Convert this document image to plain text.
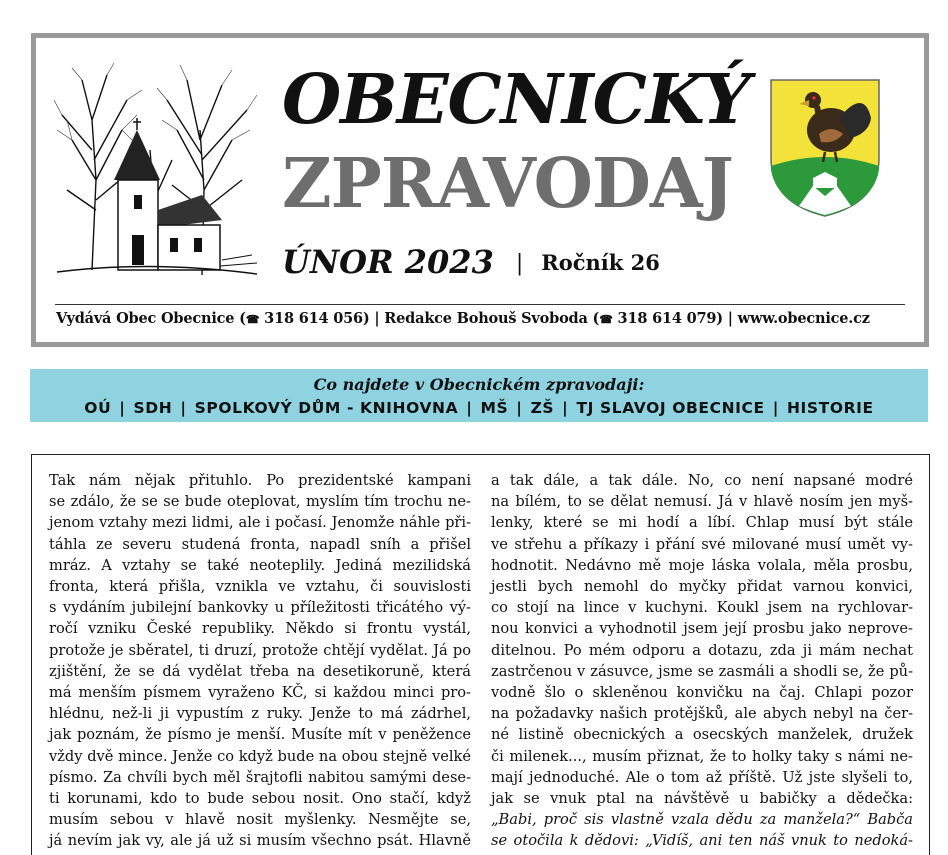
OBECNICKÝ
ZPRAVODAJ
ÚNOR 2023 | Ročník 26
Vydává Obec Obecnice (☎ 318 614 056) | Redakce Bohouš Svoboda (☎ 318 614 079) | www.obecnice.cz
Co najdete v Obecnickém zpravodaji:
OÚ | SDH | SPOLKOVÝ DŮM - KNIHOVNA | MŠ | ZŠ | TJ SLAVOJ OBECNICE | HISTORIE

Tak nám nějak přituhlo. Po prezidentské kampani

se zdálo, že se se bude oteplovat, myslím tím trochu ne-

jenom vztahy mezi lidmi, ale i počasí. Jenomže náhle při-

táhla ze severu studená fronta, napadl sníh a přišel

mráz. A vztahy se také neoteplily. Jediná mezilidská

fronta, která přišla, vznikla ve vztahu, či souvislosti

s vydáním jubilejní bankovky u příležitosti třicátého vý-

ročí vzniku České republiky. Někdo si frontu vystál,

protože je sběratel, ti druzí, protože chtějí vydělat. Já po

zjištění, že se dá vydělat třeba na desetikoruně, která

má menším písmem vyraženo KČ, si každou minci pro-

hlédnu, než-li ji vypustím z ruky. Jenže to má zádrhel,

jak poznám, že písmo je menší. Musíte mít v peněžence

vždy dvě mince. Jenže co když bude na obou stejně velké

písmo. Za chvíli bych měl šrajtofli nabitou samými dese-

ti korunami, kdo to bude sebou nosit. Ono stačí, když

musím sebou v hlavě nosit myšlenky. Nesmějte se,

já nevím jak vy, ale já už si musím všechno psát. Hlavně

a tak dále, a tak dále. No, co není napsané modré

na bílém, to se dělat nemusí. Já v hlavě nosím jen myš-

lenky, které se mi hodí a líbí. Chlap musí být stále

ve střehu a příkazy i přání své milované musí umět vy-

hodnotit. Nedávno mě moje láska volala, měla prosbu,

jestli bych nemohl do myčky přidat varnou konvici,

co stojí na lince v kuchyni. Koukl jsem na rychlovar-

nou konvici a vyhodnotil jsem její prosbu jako neprove-

ditelnou. Po mém odporu a dotazu, zda ji mám nechat

zastrčenou v zásuvce, jsme se zasmáli a shodli se, že pů-

vodně šlo o skleněnou konvičku na čaj. Chlapi pozor

na požadavky našich protějšků, ale abych nebyl na čer-

né listině obecnických a osecských manželek, družek

či milenek..., musím přiznat, že to holky taky s námi ne-

mají jednoduché. Ale o tom až příště. Už jste slyšeli to,

jak se vnuk ptal na návštěvě u babičky a dědečka:

„Babi, proč sis vlastně vzala dědu za manžela?“ Babča

se otočila k dědovi: „Vidíš, ani ten náš vnuk to nedoká-
